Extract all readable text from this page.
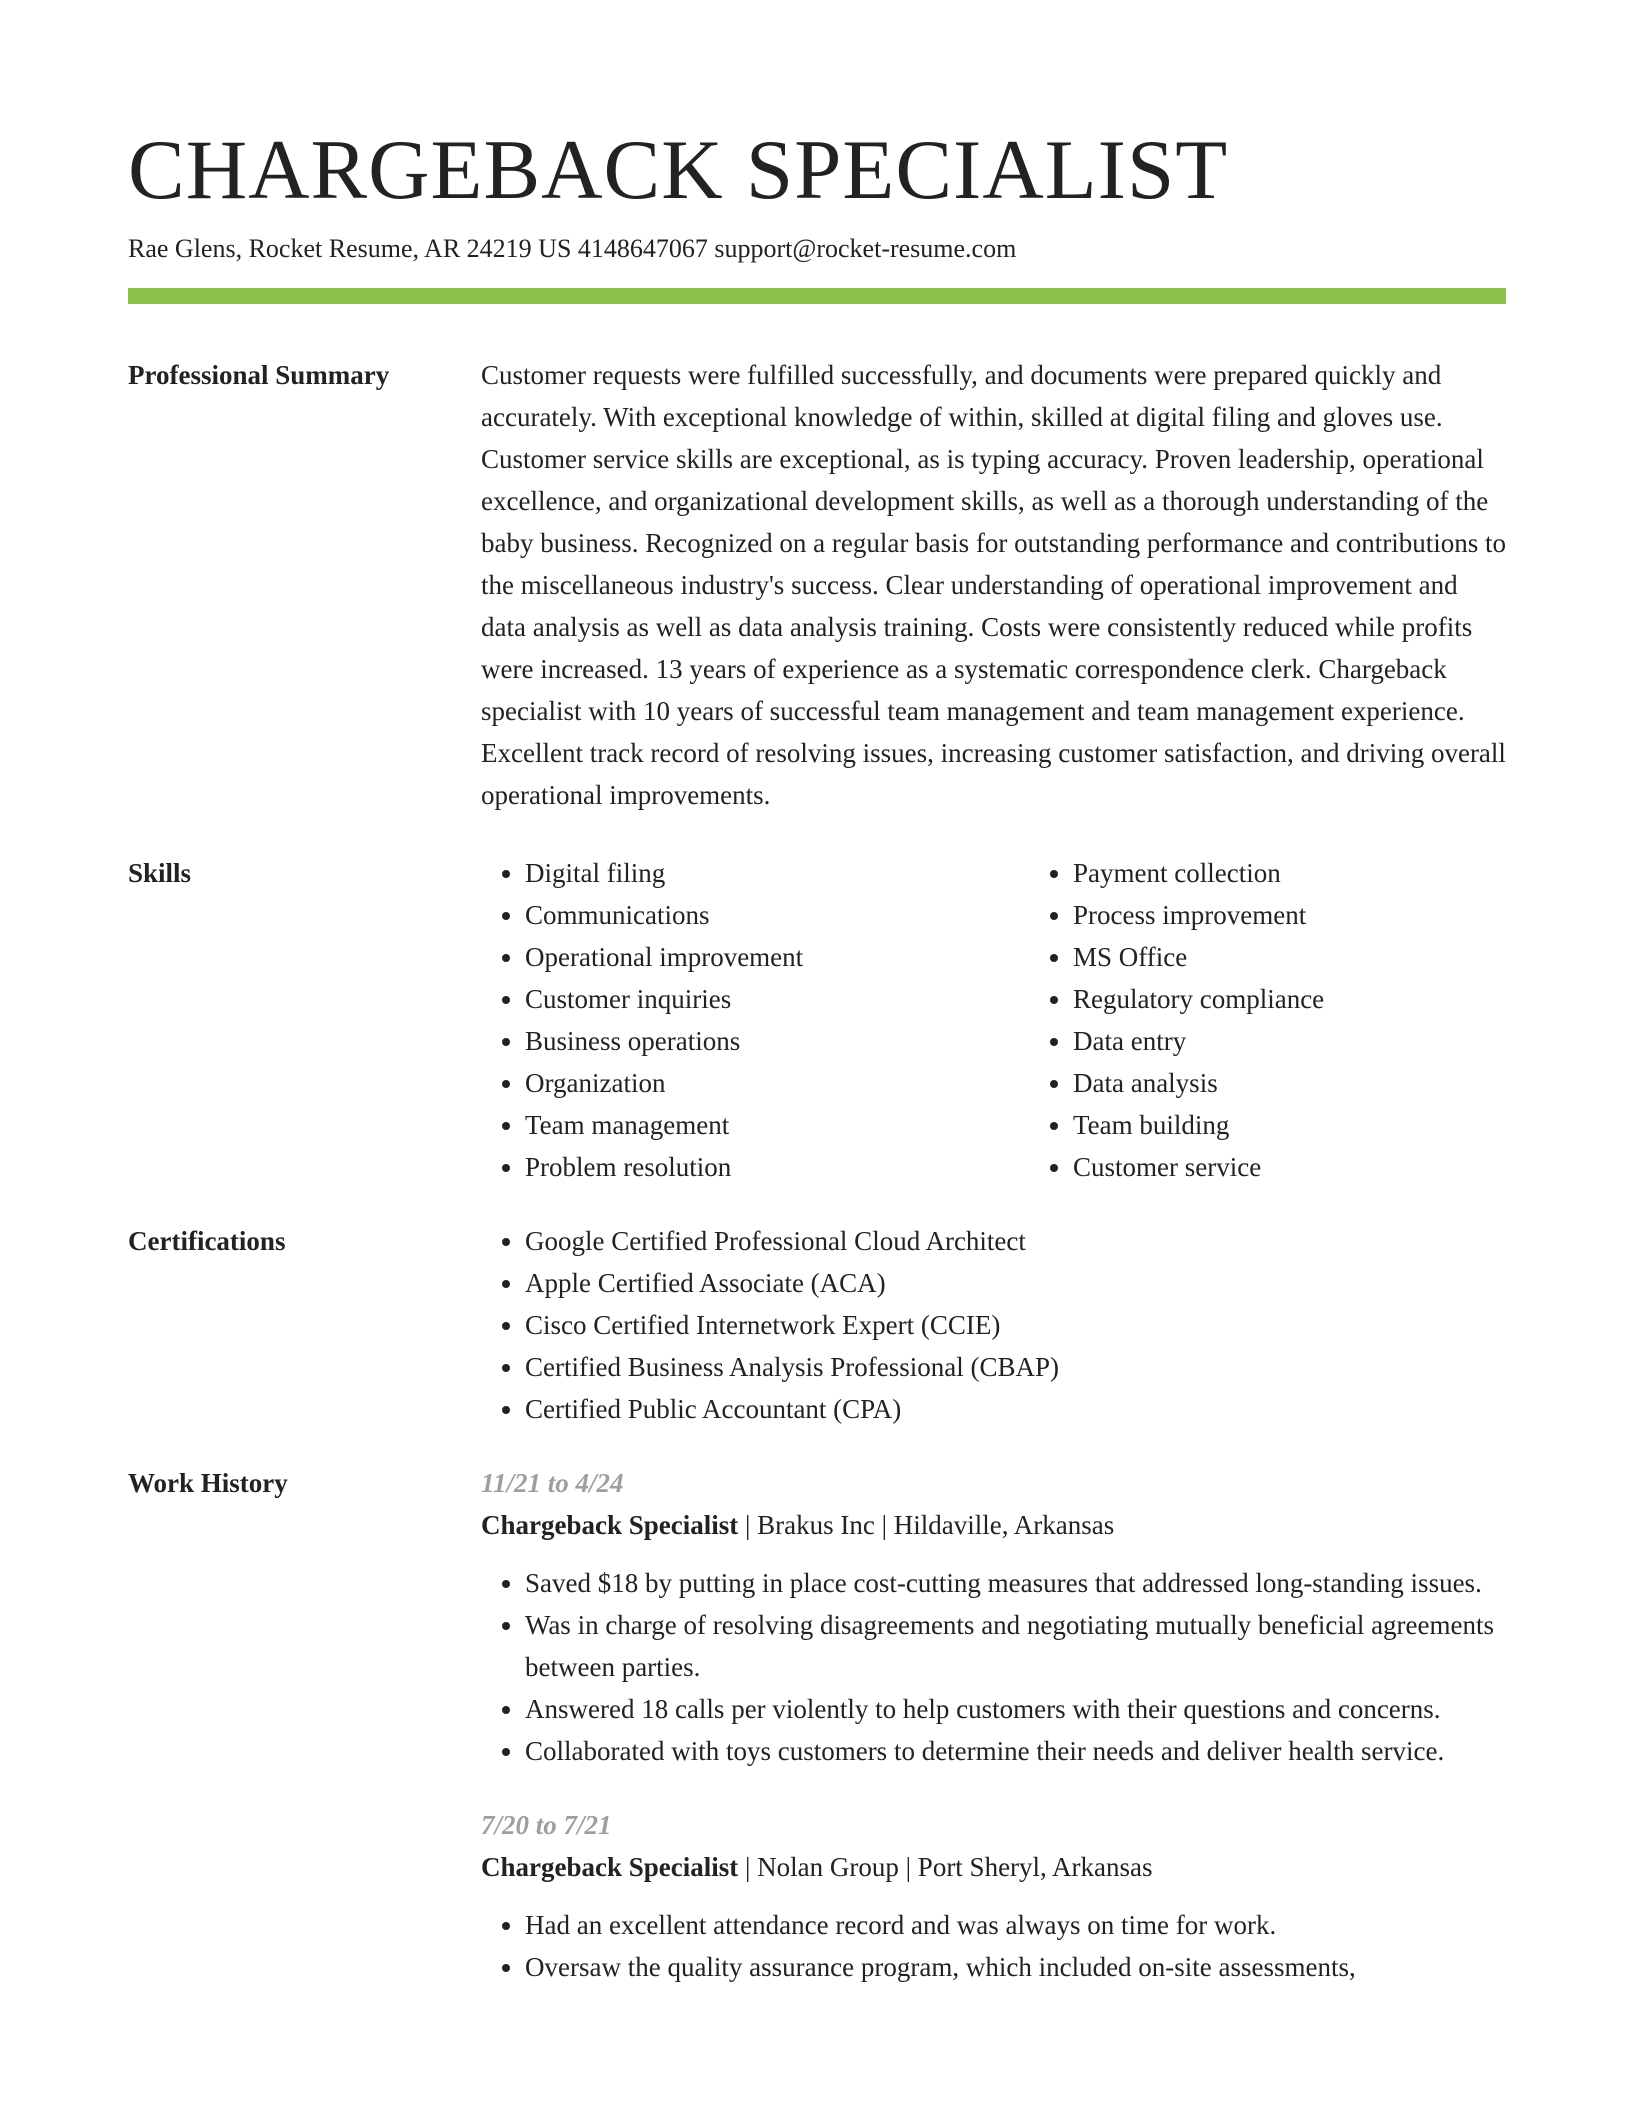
CHARGEBACK SPECIALIST
Rae Glens, Rocket Resume, AR 24219 US 4148647067 support@rocket-resume.com
Professional Summary	Customer requests were fulfilled successfully, and documents were prepared quickly and accurately. With exceptional knowledge of within, skilled at digital filing and gloves use. Customer service skills are exceptional, as is typing accuracy. Proven leadership, operational excellence, and organizational development skills, as well as a thorough understanding of the baby business. Recognized on a regular basis for outstanding performance and contributions to the miscellaneous industry's success. Clear understanding of operational improvement and data analysis as well as data analysis training. Costs were consistently reduced while profits were increased. 13 years of experience as a systematic correspondence clerk. Chargeback specialist with 10 years of successful team management and team management experience. Excellent track record of resolving issues, increasing customer satisfaction, and driving overall operational improvements.

Skills	• Digital filing
• Communications
• Operational improvement
• Customer inquiries
• Business operations
• Organization
• Team management
• Problem resolution
• Payment collection
• Process improvement
• MS Office
• Regulatory compliance
• Data entry
• Data analysis
• Team building
• Customer service
Certifications	• Google Certified Professional Cloud Architect
• Apple Certified Associate (ACA)
• Cisco Certified Internetwork Expert (CCIE)
• Certified Business Analysis Professional (CBAP)
• Certified Public Accountant (CPA)
Work History	11/21 to 4/24
Chargeback Specialist | Brakus Inc | Hildaville, Arkansas
• Saved $18 by putting in place cost-cutting measures that addressed long-standing issues.
• Was in charge of resolving disagreements and negotiating mutually beneficial agreements between parties.
• Answered 18 calls per violently to help customers with their questions and concerns.
• Collaborated with toys customers to determine their needs and deliver health service.
7/20 to 7/21
Chargeback Specialist | Nolan Group | Port Sheryl, Arkansas
• Had an excellent attendance record and was always on time for work.
• Oversaw the quality assurance program, which included on-site assessments,
